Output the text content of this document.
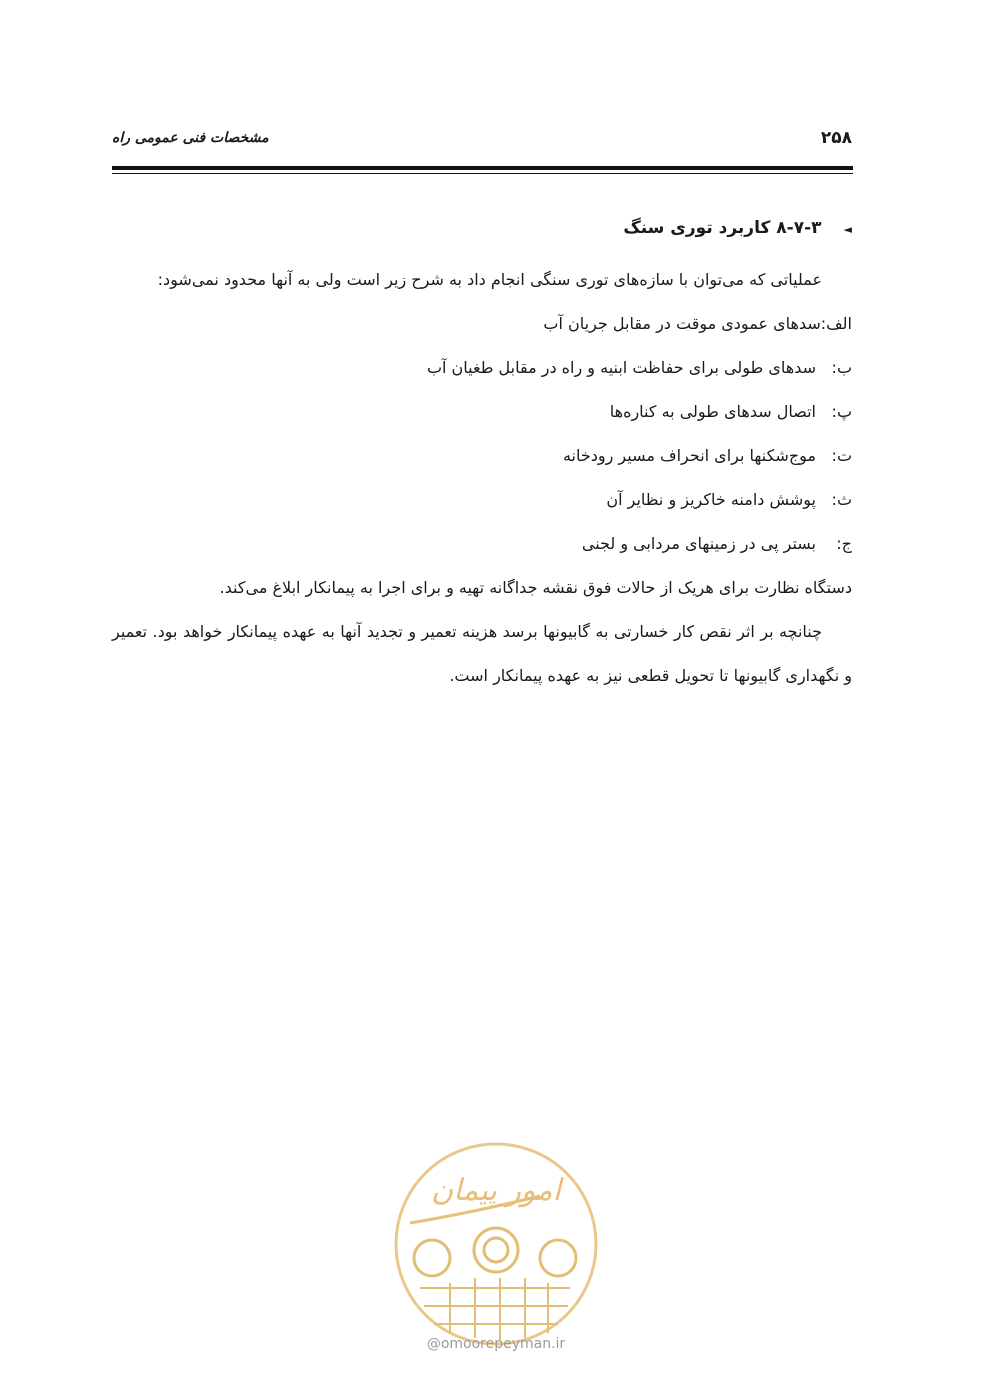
۲۵۸
مشخصات فنی عمومی راه
◄۸-۷-۳ کاربرد توری سنگ
عملیاتی که می‌توان با سازه‌های توری سنگی انجام داد به شرح زیر است ولی به آنها محدود نمی‌شود:
الف:سدهای عمودی موقت در مقابل جریان آب
ب:سدهای طولی برای حفاظت ابنیه و راه در مقابل طغیان آب
پ:اتصال سدهای طولی به کناره‌ها
ت:موج‌شکنها برای انحراف مسیر رودخانه
ث:پوشش دامنه خاکریز و نظایر آن
ج:بستر پی در زمینهای مردابی و لجنی
دستگاه نظارت برای هریک از حالات فوق نقشه جداگانه تهیه و برای اجرا به پیمانکار ابلاغ می‌کند.
چنانچه بر اثر نقص کار خسارتی به گابیونها برسد هزینه تعمیر و تجدید آنها به عهده پیمانکار خواهد بود. تعمیر و نگهداری گابیونها تا تحویل قطعی نیز به عهده پیمانکار است.
امور پیمان
@omoorepeyman.ir
